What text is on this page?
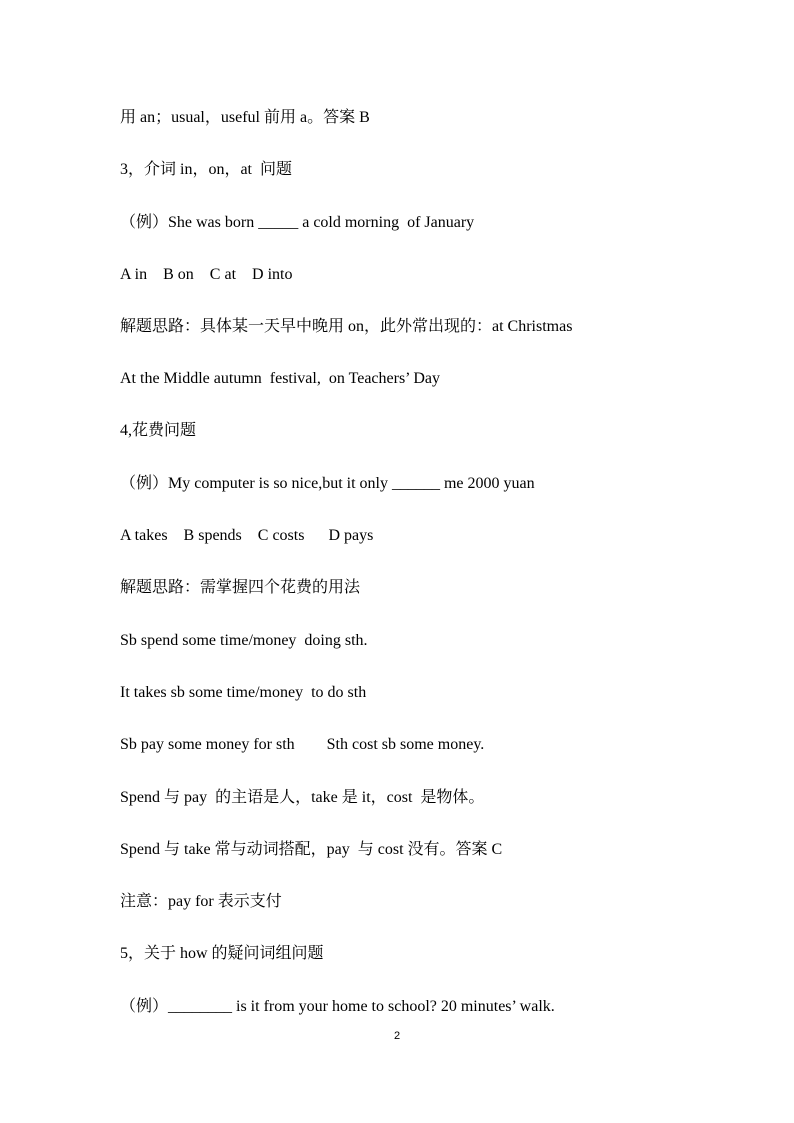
用 an；usual，useful 前用 a。答案 B
3，介词 in，on，at  问题
（例）She was born _____ a cold morning  of January
A in    B on    C at    D into
解题思路：具体某一天早中晚用 on，此外常出现的：at Christmas
At the Middle autumn  festival,  on Teachers’ Day
4,花费问题
（例）My computer is so nice,but it only ______ me 2000 yuan
A takes    B spends    C costs      D pays
解题思路：需掌握四个花费的用法
Sb spend some time/money  doing sth.
It takes sb some time/money  to do sth
Sb pay some money for sth        Sth cost sb some money.
Spend 与 pay  的主语是人，take 是 it，cost  是物体。
Spend 与 take 常与动词搭配，pay  与 cost 没有。答案 C
注意：pay for 表示支付
5，关于 how 的疑问词组问题
（例）________ is it from your home to school? 20 minutes’ walk.
2
